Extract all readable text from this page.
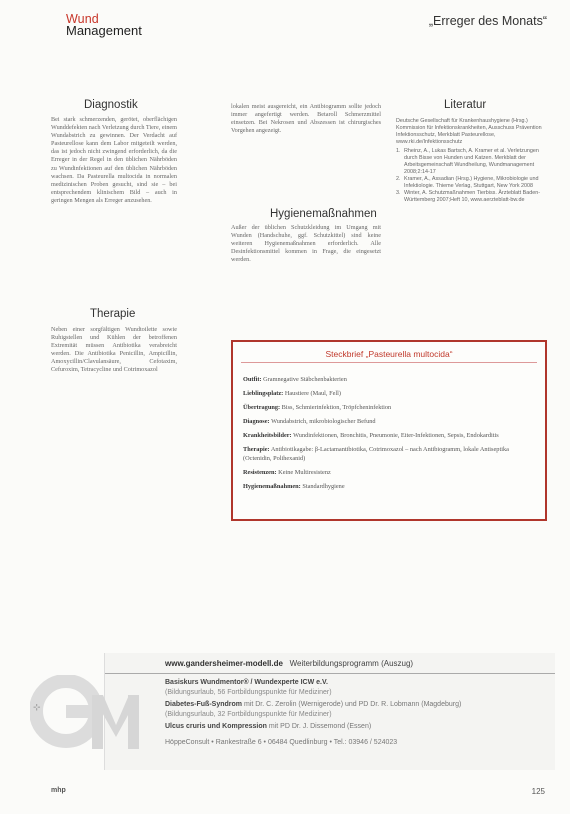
Wund
Management
„Erreger des Monats“
Diagnostik
Bei stark schmerzenden, gerötet, oberflächigen Wunddefekten nach Verletzung durch Tiere, einem Wundabstrich zu gewinnen. Der Verdacht auf Pasteurellose kann dem Labor mitgeteilt werden, das ist jedoch nicht zwingend erforderlich, da die Erreger in der Regel in den üblichen Nährböden zu Wundinfektionen auf den üblichen Nährböden wachsen. Da Pasteurella multocida in normalen medizinischen Proben gesucht, sind sie – bei entsprechendem klinischem Bild – auch in geringen Mengen als Erreger anzusehen.
lokalen meist ausgereicht, ein Antibiogramm sollte jedoch immer angefertigt werden. Betaroll Schmerzmittel einsetzen. Bei Nekrosen und Abszessen ist chirurgisches Vorgehen angezeigt.
Hygienemaßnahmen
Außer der üblichen Schutzkleidung im Umgang mit Wunden (Handschuhe, ggf. Schutzkittel) sind keine weiteren Hygienemaßnahmen erforderlich. Alle Desinfektionsmittel kommen in Frage, die eingesetzt werden.
Therapie
Neben einer sorgfältigen Wundtoilette sowie Ruhigstellen und Kühlen der betroffenen Extremität müssen Antibiotika verabreicht werden. Die Antibiotika Penicillin, Ampicillin, Amoxycillin/Clavulansäure, Cefotaxim, Cefuroxim, Tetracycline und Cotrimoxazol
Literatur
Deutsche Gesellschaft für Krankenhaushygiene (Hrsg.) Kommission für Infektionskrankheiten, Ausschuss Prävention Infektionsschutz, Merkblatt Pasteurellose, www.rki.de/Infektionsschutz
1. Rheinz, A., Lukas Bartsch, A. Kramer et al. Verletzungen durch Bisse von Hunden und Katzen. Merkblatt der Arbeitsgemeinschaft Wundheilung, Wundmanagement 2008;2:14-17
2. Kramer, A., Assadian (Hrsg.) Hygiene, Mikrobiologie und Infektiologie. Thieme Verlag, Stuttgart, New York 2008
3. Winter, A. Schutzmaßnahmen Tierbiss. Ärzteblatt Baden-Württemberg 2007;Heft 10, www.aerzteblatt-bw.de
Steckbrief „Pasteurella multocida“
Outfit: Gramnegative Stäbchenbakterien
Lieblingsplatz: Haustiere (Maul, Fell)
Übertragung: Biss, Schmierinfektion, Tröpfcheninfektion
Diagnose: Wundabstrich, mikrobiologischer Befund
Krankheitsbilder: Wundinfektionen, Bronchitis, Pneumonie, Eiter-Infektionen, Sepsis, Endokarditis
Therapie: Antibiotikagabe: β-Lactamantibiotika, Cotrimoxazol – nach Antibiogramm, lokale Antiseptika (Octenidin, Polihexanid)
Resistenzen: Keine Multiresistenz
Hygienemaßnahmen: Standardhygiene
www.gandersheimer-modell.de Weiterbildungsprogramm (Auszug)
Basiskurs Wundmentor® / Wundexperte ICW e.V.
(Bildungsurlaub, 56 Fortbildungspunkte für Mediziner)
Diabetes-Fuß-Syndrom mit Dr. C. Zerolin (Wernigerode) und PD Dr. R. Lobmann (Magdeburg)
(Bildungsurlaub, 32 Fortbildungspunkte für Mediziner)
Ulcus cruris und Kompression mit PD Dr. J. Dissemond (Essen)
HöppeConsult • Rankestraße 6 • 06484 Quedlinburg • Tel.: 03946 / 524023
⊹
mhp	125
